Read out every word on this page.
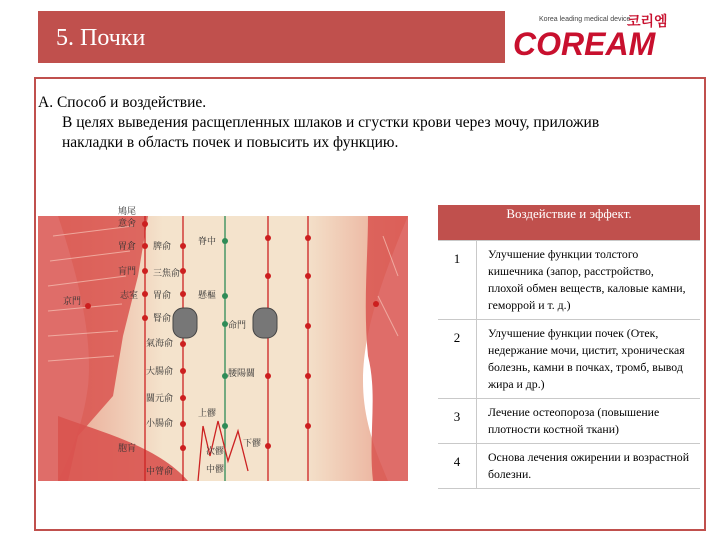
5. Почки
Korea leading medical device
코리엠
COREAM
A. Способ и воздействие.
В целях выведения расщепленных шлаков и сгустки крови через мочу, приложив накладки в область почек и повысить их функцию.
意舍
胃倉
肓門
志室 胃俞
三焦俞
腎俞
命門
京門
氣海俞
大腸俞	腰陽關
關元俞
小腸俞
上髎
胞肓	次髎
中髎
中膂俞
下髎
鳩尾
脾俞	脊中
懸樞
Воздействие и эффект.	
1	Улучшение функции толстого кишечника (запор, расстройство, плохой обмен веществ, каловые камни, геморрой и т. д.)
2	Улучшение функции почек (Отек, недержание мочи, цистит, хроническая болезнь, камни в почках, тромб, вывод жира и др.)
3	Лечение остеопороза (повышение плотности костной ткани)
4	Основа лечения ожирении и возрастной болезни.
